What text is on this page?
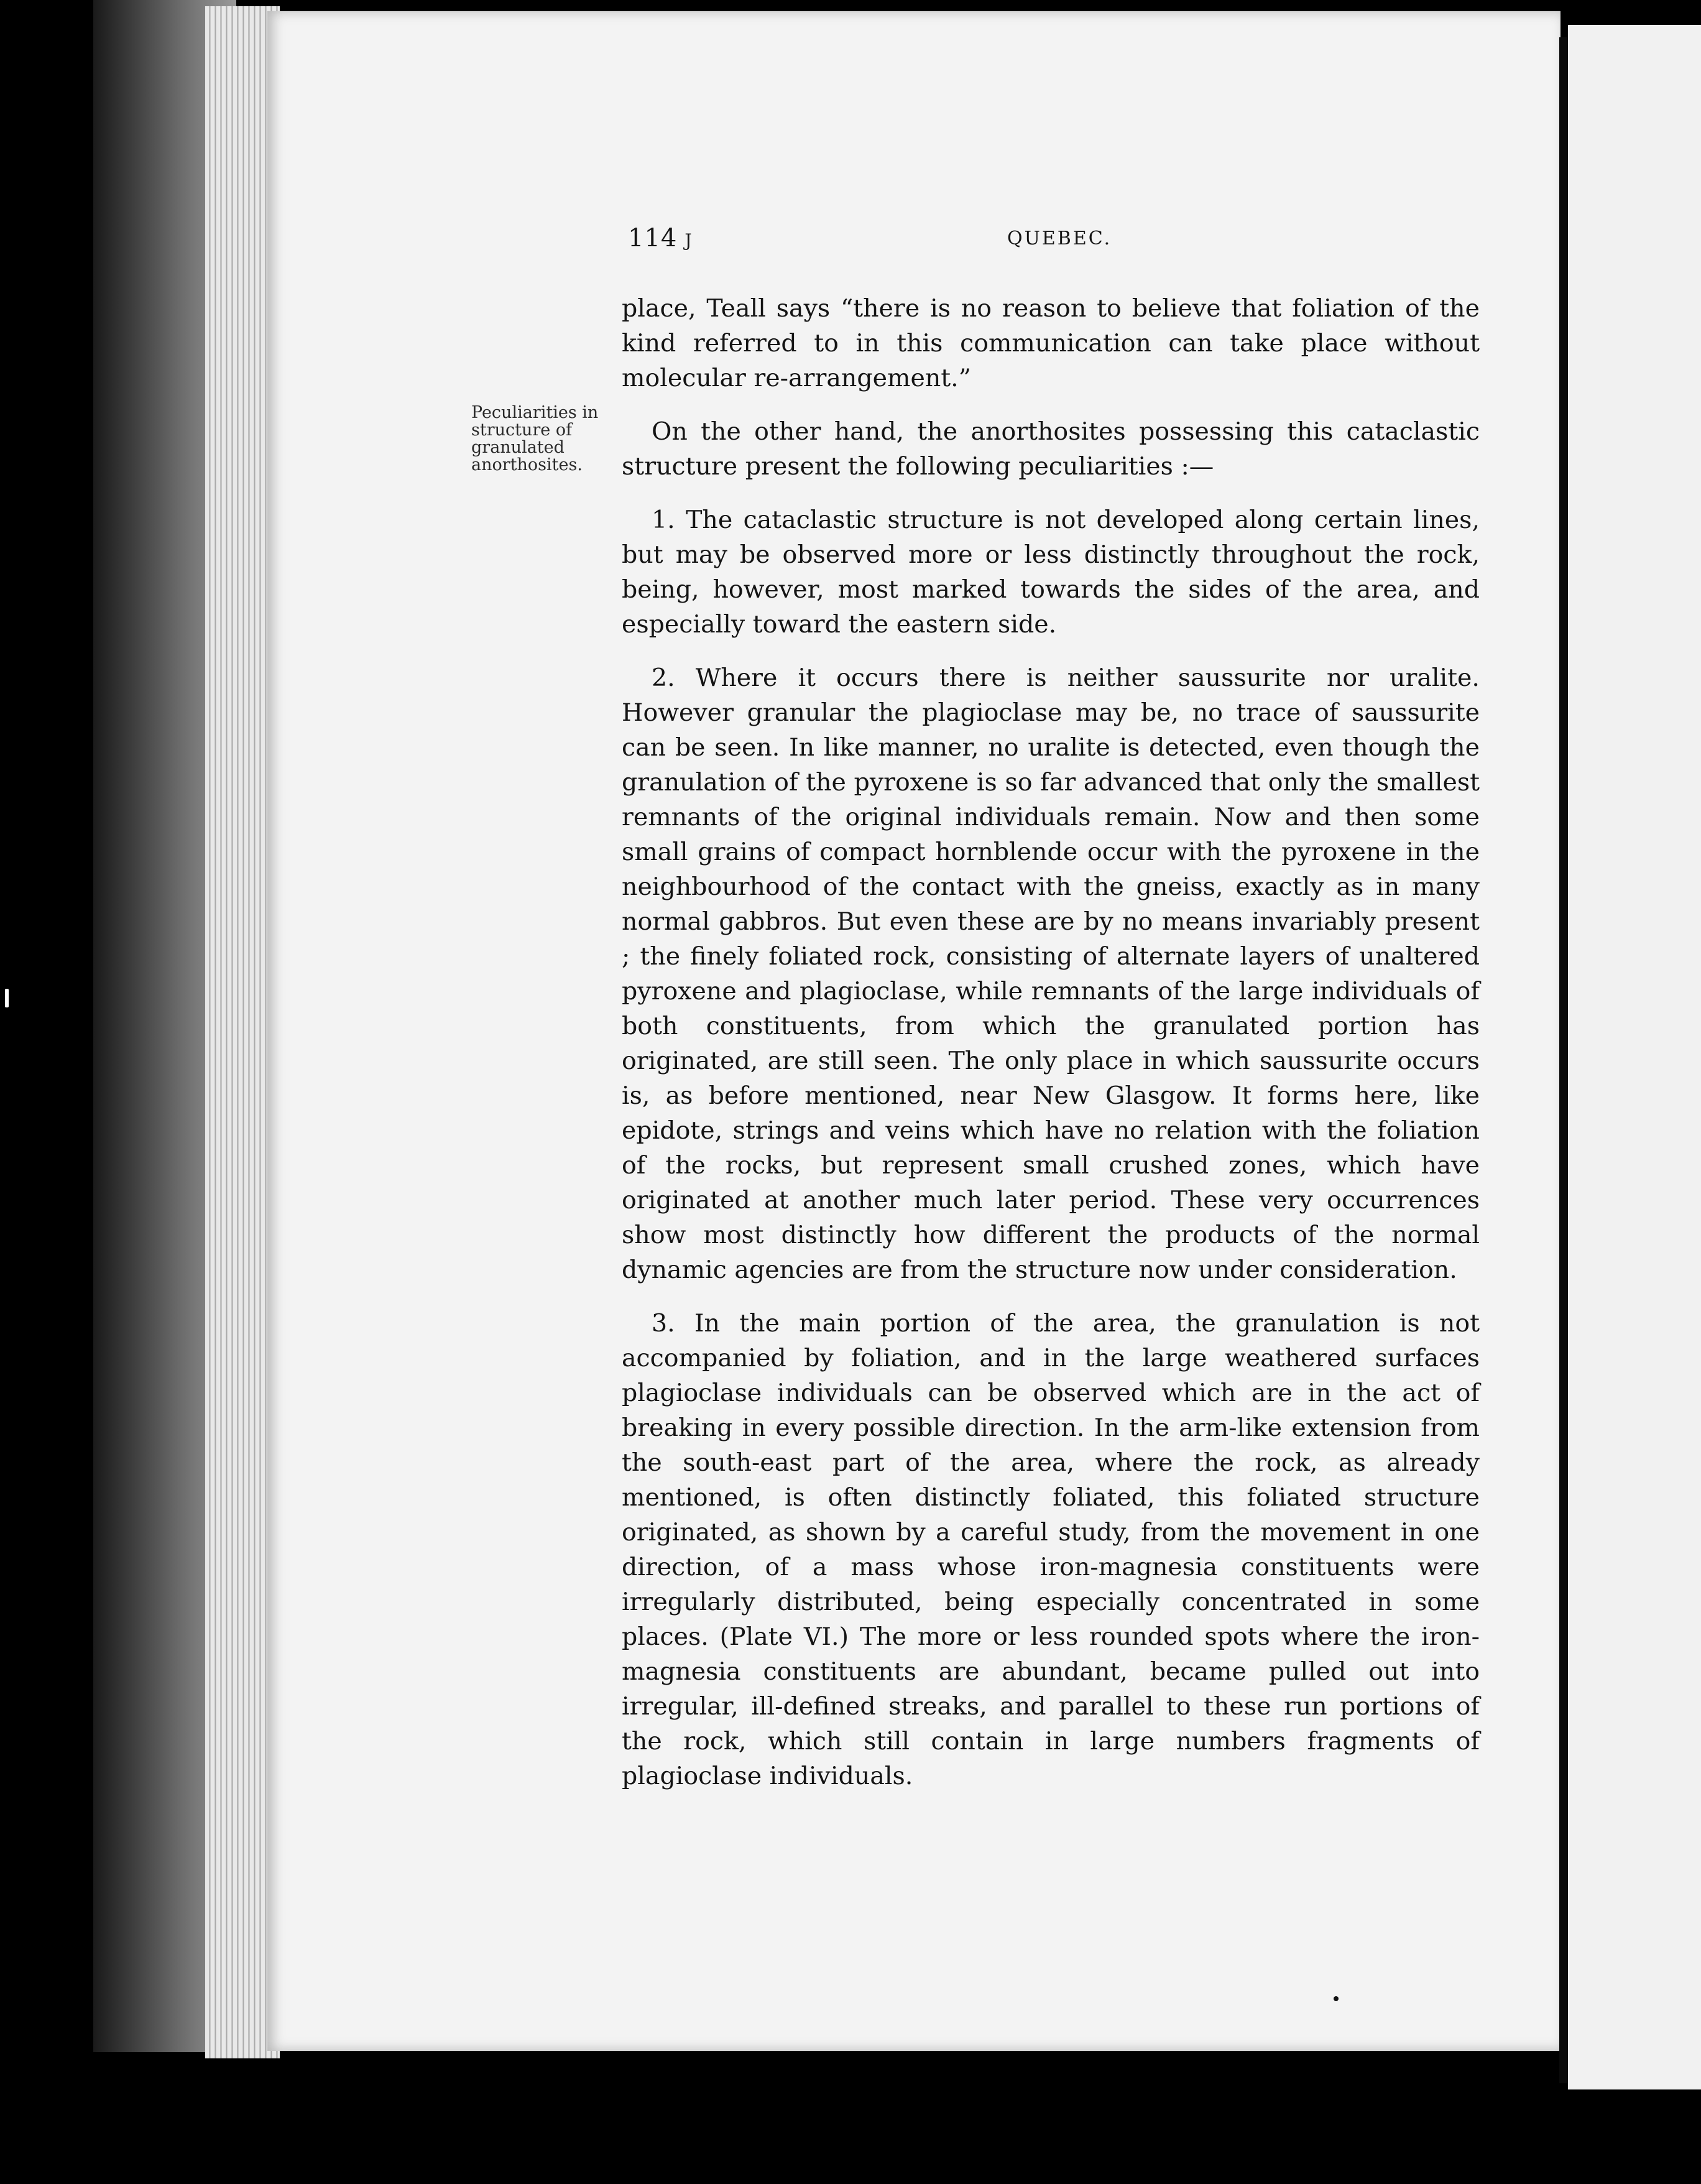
114 J	QUEBEC.
Peculiarities in structure of granulated anorthosites.

place, Teall says “there is no reason to believe that foliation of the kind referred to in this communication can take place without molecular re-arrangement.”

On the other hand, the anorthosites possessing this cataclastic structure present the following peculiarities :—

1. The cataclastic structure is not developed along certain lines, but may be observed more or less distinctly throughout the rock, being, however, most marked towards the sides of the area, and especially toward the eastern side.

2. Where it occurs there is neither saussurite nor uralite. However granular the plagioclase may be, no trace of saussurite can be seen. In like manner, no uralite is detected, even though the granulation of the pyroxene is so far advanced that only the smallest remnants of the original individuals remain. Now and then some small grains of compact hornblende occur with the pyroxene in the neighbourhood of the contact with the gneiss, exactly as in many normal gabbros. But even these are by no means invariably present ; the finely foliated rock, consisting of alternate layers of unaltered pyroxene and plagioclase, while remnants of the large individuals of both constituents, from which the granulated portion has originated, are still seen. The only place in which saussurite occurs is, as before mentioned, near New Glasgow. It forms here, like epidote, strings and veins which have no relation with the foliation of the rocks, but represent small crushed zones, which have originated at another much later period. These very occurrences show most distinctly how different the products of the normal dynamic agencies are from the structure now under consideration.

3. In the main portion of the area, the granulation is not accompanied by foliation, and in the large weathered surfaces plagioclase individuals can be observed which are in the act of breaking in every possible direction. In the arm-like extension from the south-east part of the area, where the rock, as already mentioned, is often distinctly foliated, this foliated structure originated, as shown by a careful study, from the movement in one direction, of a mass whose iron-magnesia constituents were irregularly distributed, being especially concentrated in some places. (Plate VI.) The more or less rounded spots where the iron-magnesia constituents are abundant, became pulled out into irregular, ill-defined streaks, and parallel to these run portions of the rock, which still contain in large numbers fragments of plagioclase individuals.
